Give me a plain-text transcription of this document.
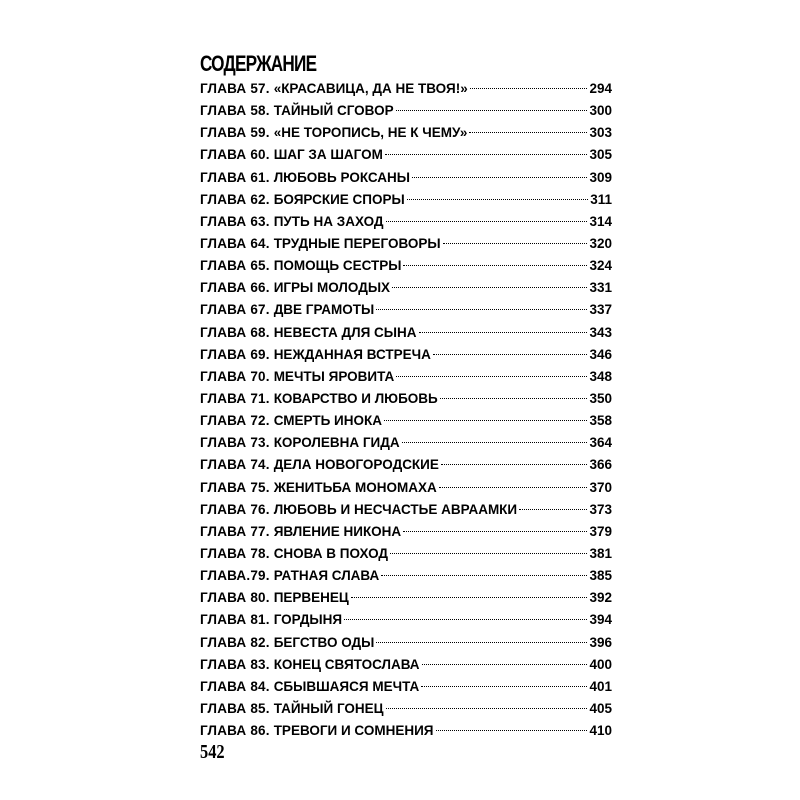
СОДЕРЖАНИЕ
ГЛАВА 57. «КРАСАВИЦА, ДА НЕ ТВОЯ!»	294
ГЛАВА 58. ТАЙНЫЙ СГОВОР	300
ГЛАВА 59. «НЕ ТОРОПИСЬ, НЕ К ЧЕМУ»	303
ГЛАВА 60. ШАГ ЗА ШАГОМ	305
ГЛАВА 61. ЛЮБОВЬ РОКСАНЫ	309
ГЛАВА 62. БОЯРСКИЕ СПОРЫ	311
ГЛАВА 63. ПУТЬ НА ЗАХОД	314
ГЛАВА 64. ТРУДНЫЕ ПЕРЕГОВОРЫ	320
ГЛАВА 65. ПОМОЩЬ СЕСТРЫ	324
ГЛАВА 66. ИГРЫ МОЛОДЫХ	331
ГЛАВА 67. ДВЕ ГРАМОТЫ	337
ГЛАВА 68. НЕВЕСТА ДЛЯ СЫНА	343
ГЛАВА 69. НЕЖДАННАЯ ВСТРЕЧА	346
ГЛАВА 70. МЕЧТЫ ЯРОВИТА	348
ГЛАВА 71. КОВАРСТВО И ЛЮБОВЬ	350
ГЛАВА 72. СМЕРТЬ ИНОКА	358
ГЛАВА 73. КОРОЛЕВНА ГИДА	364
ГЛАВА 74. ДЕЛА НОВОГОРОДСКИЕ	366
ГЛАВА 75. ЖЕНИТЬБА МОНОМАХА	370
ГЛАВА 76. ЛЮБОВЬ И НЕСЧАСТЬЕ АВРААМКИ	373
ГЛАВА 77. ЯВЛЕНИЕ НИКОНА	379
ГЛАВА 78. СНОВА В ПОХОД	381
ГЛАВА.79. РАТНАЯ СЛАВА	385
ГЛАВА 80. ПЕРВЕНЕЦ	392
ГЛАВА 81. ГОРДЫНЯ	394
ГЛАВА 82. БЕГСТВО ОДЫ	396
ГЛАВА 83. КОНЕЦ СВЯТОСЛАВА	400
ГЛАВА 84. СБЫВШАЯСЯ МЕЧТА	401
ГЛАВА 85. ТАЙНЫЙ ГОНЕЦ	405
ГЛАВА 86. ТРЕВОГИ И СОМНЕНИЯ	410
542
